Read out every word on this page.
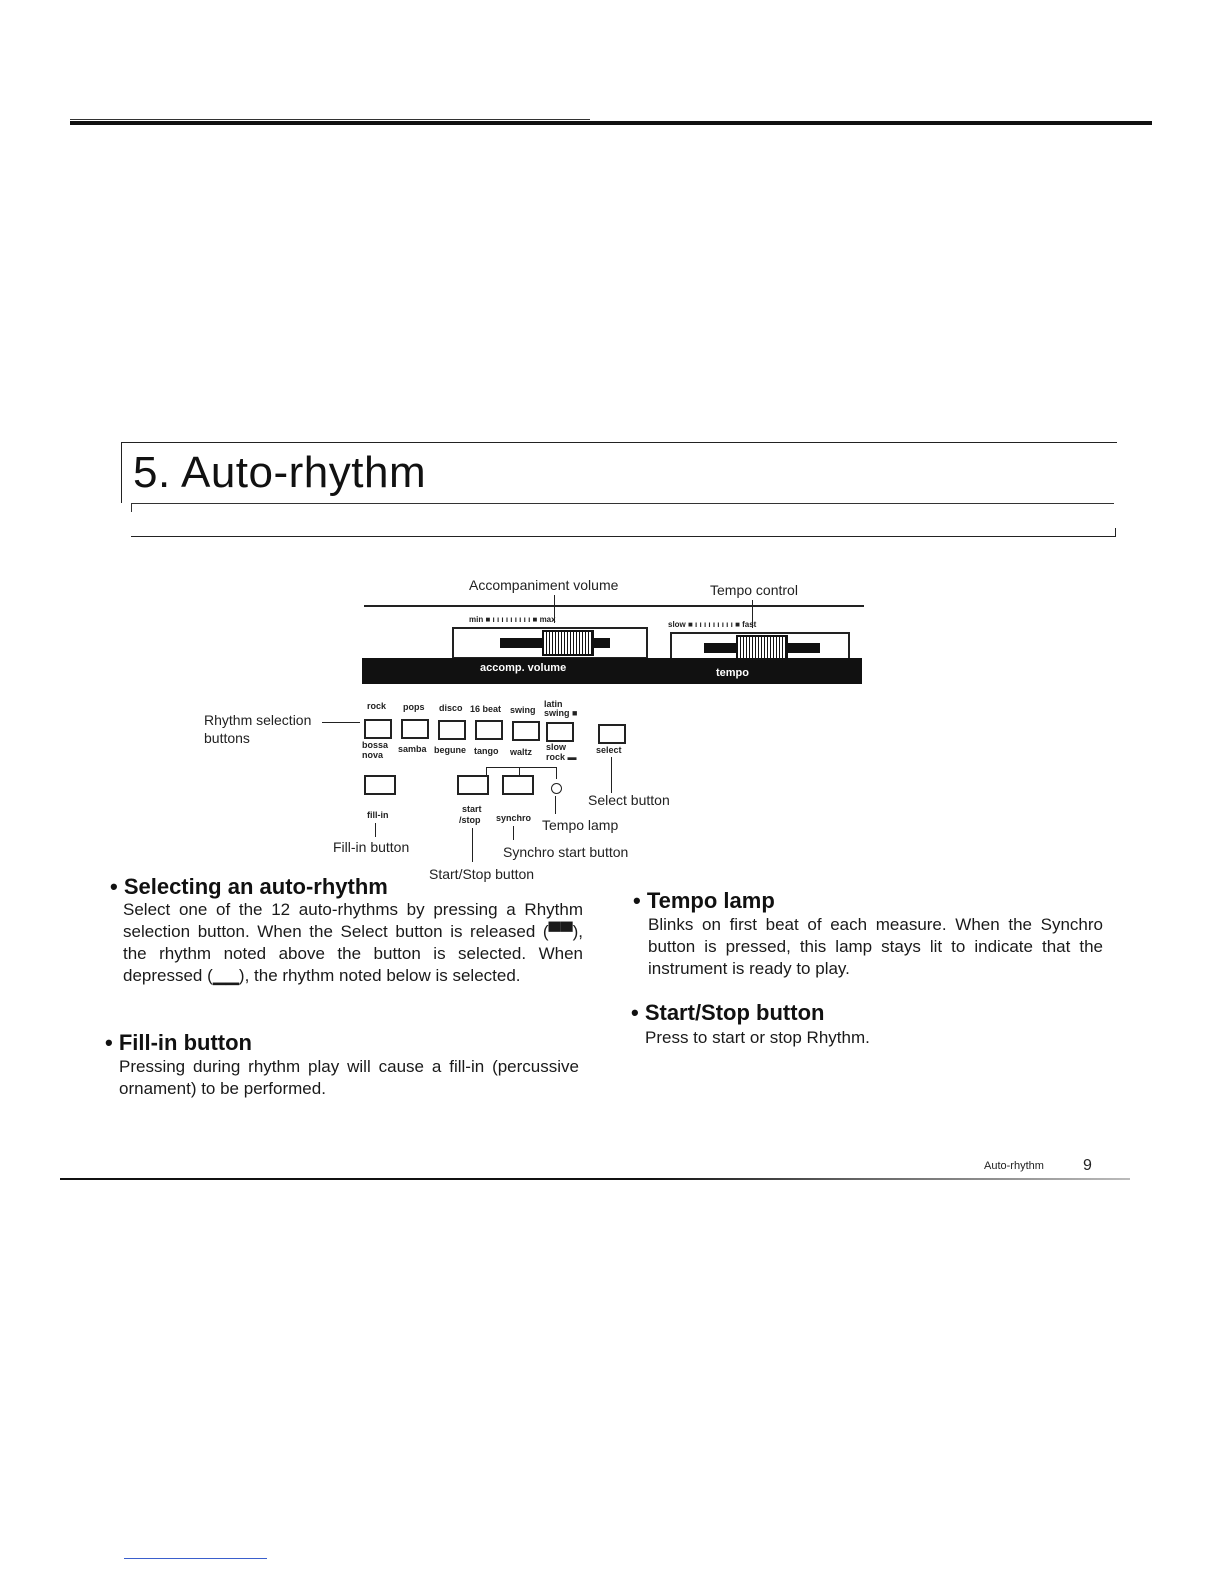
5. Auto-rhythm
Accompaniment volume	Tempo control
min ■ ı ı ı ı ı ı ı ı ı ■ max
slow ■ ı ı ı ı ı ı ı ı ı ■ fast
accomp. volume	tempo
Rhythm selection
buttons
rock pops disco 16 beat swing
latin swing ■
bossa nova
samba begune tango waltz slow rock ▬
select
Select button
Tempo lamp
fill-in
start
/stop synchro
Fill-in button	Synchro start button
Start/Stop button
• Selecting an auto-rhythm
Select one of the 12 auto-rhythms by pressing a Rhythm selection button. When the Select button is released (▀▀), the rhythm noted above the button is selected. When depressed (▁▁), the rhythm noted below is selected.
• Fill-in button
Pressing during rhythm play will cause a fill-in (percussive ornament) to be performed.
• Tempo lamp
Blinks on first beat of each measure. When the Synchro button is pressed, this lamp stays lit to indicate that the instrument is ready to play.
• Start/Stop button
Press to start or stop Rhythm.
Auto-rhythm 9
